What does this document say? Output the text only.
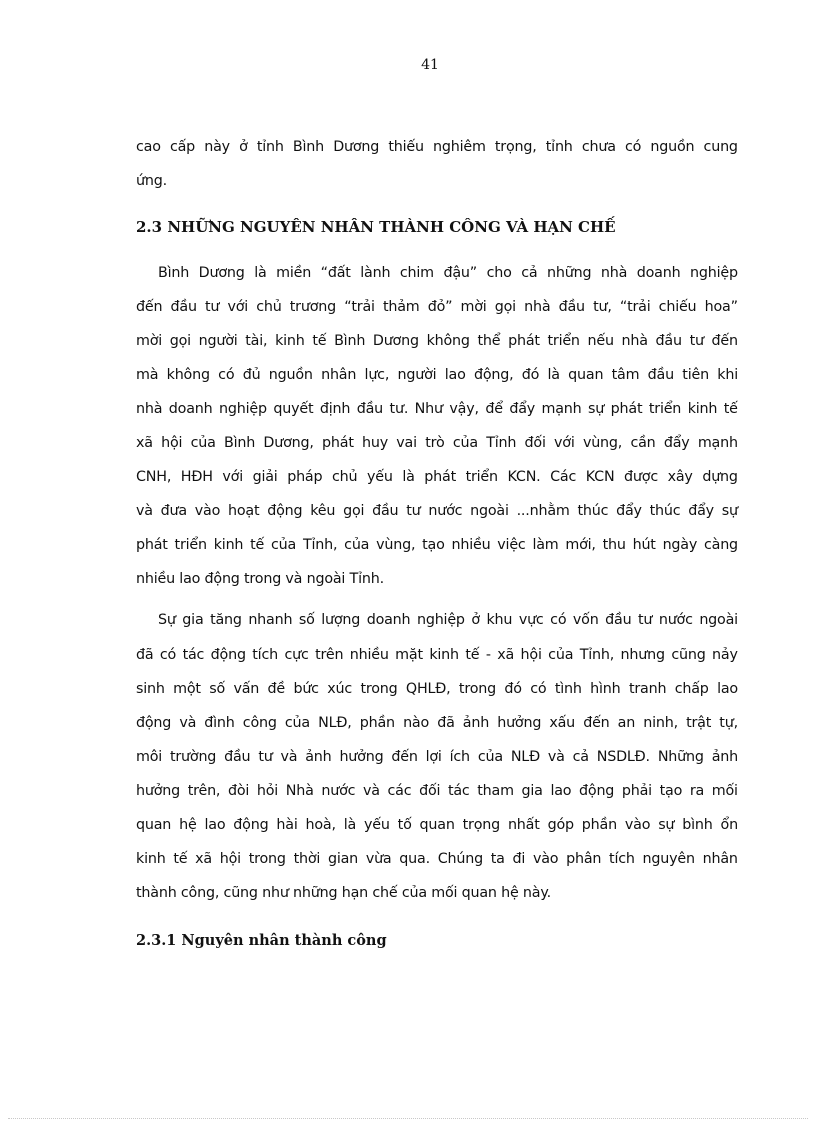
41
cao cấp này ở tỉnh Bình Dương thiếu nghiêm trọng, tỉnh chưa có nguồn cung
ứng.
2.3 NHỮNG NGUYÊN NHÂN THÀNH CÔNG VÀ HẠN CHẾ
Bình Dương là miền “đất lành chim đậu” cho cả những nhà doanh nghiệp
đến đầu tư với chủ trương “trải thảm đỏ” mời gọi nhà đầu tư, “trải chiếu hoa”
mời gọi người tài, kinh tế Bình Dương không thể phát triển nếu nhà đầu tư đến
mà không có đủ nguồn nhân lực, người lao động, đó là quan tâm đầu tiên khi
nhà doanh nghiệp quyết định đầu tư. Như vậy, để đẩy mạnh sự phát triển kinh tế
xã hội của Bình Dương, phát huy vai trò của Tỉnh đối với vùng, cần đẩy mạnh
CNH, HĐH với giải pháp chủ yếu là phát triển KCN. Các KCN được xây dựng
và đưa vào hoạt động kêu gọi đầu tư nước ngoài ...nhằm thúc đẩy thúc đẩy sự
phát triển kinh tế của Tỉnh, của vùng, tạo nhiều việc làm mới, thu hút ngày càng
nhiều lao động trong và ngoài Tỉnh.
Sự gia tăng nhanh số lượng doanh nghiệp ở khu vực có vốn đầu tư nước ngoài
đã có tác động tích cực trên nhiều mặt kinh tế - xã hội của Tỉnh, nhưng cũng nảy
sinh một số vấn đề bức xúc trong QHLĐ, trong đó có tình hình tranh chấp lao
động và đình công của NLĐ, phần nào đã ảnh hưởng xấu đến an ninh, trật tự,
môi trường đầu tư và ảnh hưởng đến lợi ích của NLĐ và cả NSDLĐ. Những ảnh
hưởng trên, đòi hỏi Nhà nước và các đối tác tham gia lao động phải tạo ra mối
quan hệ lao động hài hoà, là yếu tố quan trọng nhất góp phần vào sự bình ổn
kinh tế xã hội trong thời gian vừa qua. Chúng ta đi vào phân tích nguyên nhân
thành công, cũng như những hạn chế của mối quan hệ này.
2.3.1 Nguyên nhân thành công
